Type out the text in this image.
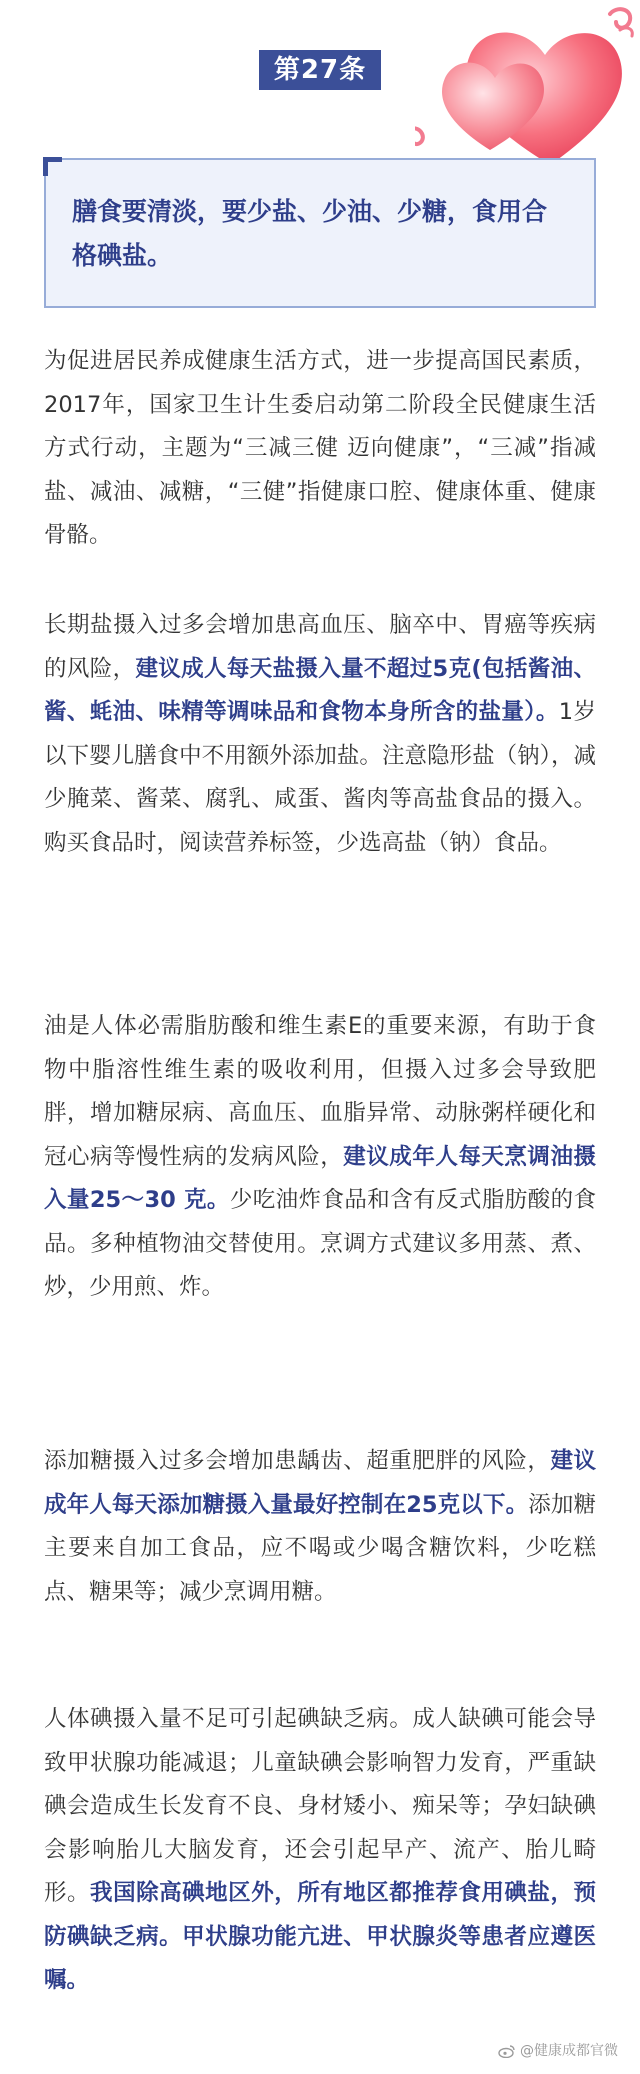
第27条
膳食要清淡，要少盐、少油、少糖，食用合格碘盐。

为促进居民养成健康生活方式，进一步提高国民素质，2017年，国家卫生计生委启动第二阶段全民健康生活方式行动，主题为“三减三健 迈向健康”，“三减”指减盐、减油、减糖，“三健”指健康口腔、健康体重、健康骨骼。

长期盐摄入过多会增加患高血压、脑卒中、胃癌等疾病的风险，建议成人每天盐摄入量不超过5克(包括酱油、酱、蚝油、味精等调味品和食物本身所含的盐量）。1岁以下婴儿膳食中不用额外添加盐。注意隐形盐（钠），减少腌菜、酱菜、腐乳、咸蛋、酱肉等高盐食品的摄入。购买食品时，阅读营养标签，少选高盐（钠）食品。

油是人体必需脂肪酸和维生素E的重要来源，有助于食物中脂溶性维生素的吸收利用，但摄入过多会导致肥胖，增加糖尿病、高血压、血脂异常、动脉粥样硬化和冠心病等慢性病的发病风险，建议成年人每天烹调油摄入量25～30 克。少吃油炸食品和含有反式脂肪酸的食品。多种植物油交替使用。烹调方式建议多用蒸、煮、炒，少用煎、炸。

添加糖摄入过多会增加患龋齿、超重肥胖的风险，建议成年人每天添加糖摄入量最好控制在25克以下。添加糖主要来自加工食品，应不喝或少喝含糖饮料，少吃糕点、糖果等；减少烹调用糖。

人体碘摄入量不足可引起碘缺乏病。成人缺碘可能会导致甲状腺功能减退；儿童缺碘会影响智力发育，严重缺碘会造成生长发育不良、身材矮小、痴呆等；孕妇缺碘会影响胎儿大脑发育，还会引起早产、流产、胎儿畸形。我国除高碘地区外，所有地区都推荐食用碘盐，预防碘缺乏病。甲状腺功能亢进、甲状腺炎等患者应遵医嘱。

@健康成都官微
